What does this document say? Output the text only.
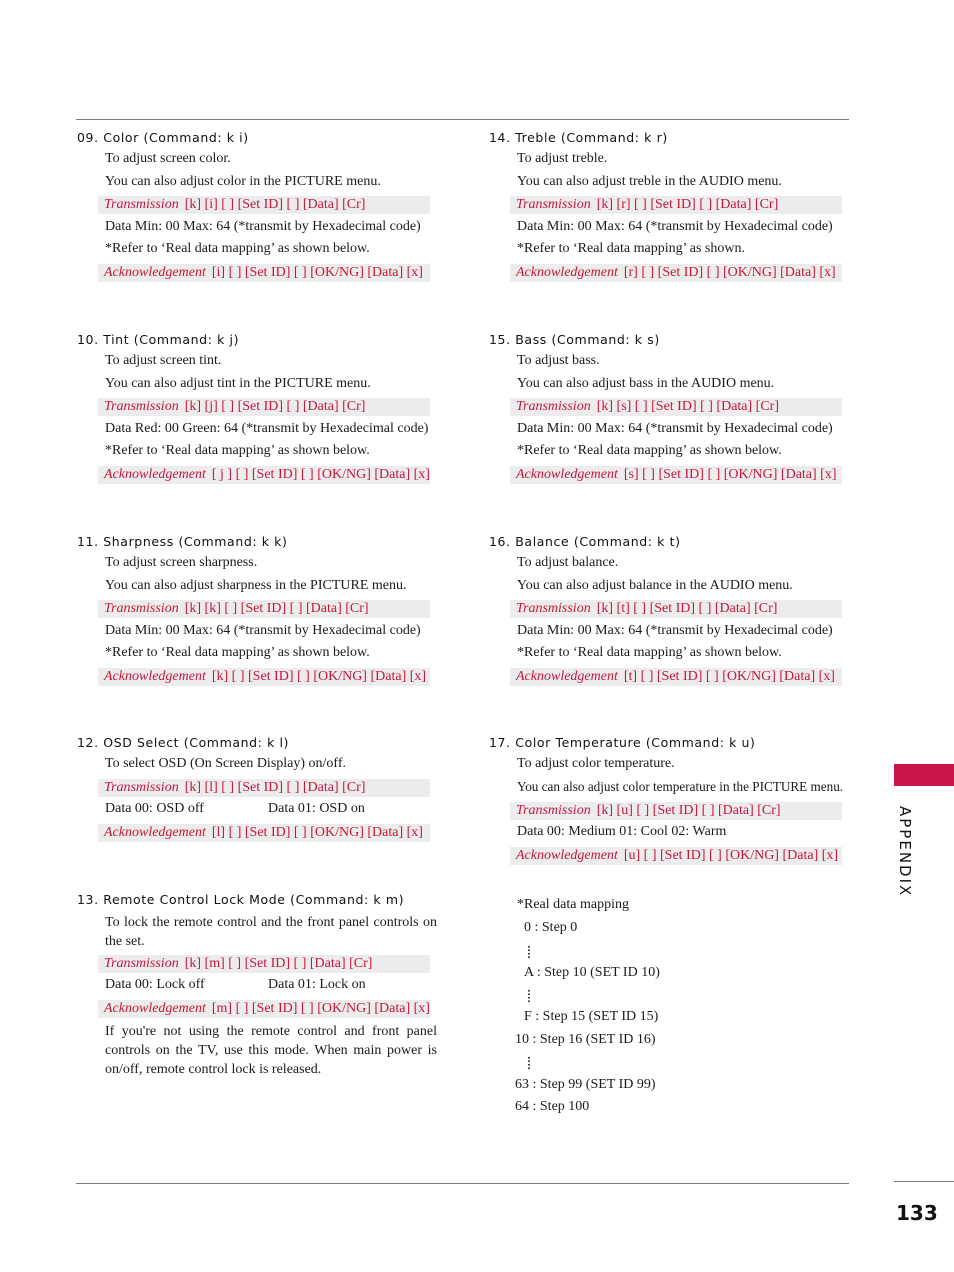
09. Color (Command: k i)
To adjust screen color.
You can also adjust color in the PICTURE menu.
Transmission [k] [i] [ ] [Set ID] [ ] [Data] [Cr]
Data Min: 00 Max: 64 (*transmit by Hexadecimal code)
*Refer to ‘Real data mapping’ as shown below.
Acknowledgement [i] [ ] [Set ID] [ ] [OK/NG] [Data] [x]
10. Tint (Command: k j)
To adjust screen tint.
You can also adjust tint in the PICTURE menu.
Transmission [k] [j] [ ] [Set ID] [ ] [Data] [Cr]
Data Red: 00 Green: 64 (*transmit by Hexadecimal code)
*Refer to ‘Real data mapping’ as shown below.
Acknowledgement [ j ] [ ] [Set ID] [ ] [OK/NG] [Data] [x]
11. Sharpness (Command: k k)
To adjust screen sharpness.
You can also adjust sharpness in the PICTURE menu.
Transmission [k] [k] [ ] [Set ID] [ ] [Data] [Cr]
Data Min: 00 Max: 64 (*transmit by Hexadecimal code)
*Refer to ‘Real data mapping’ as shown below.
Acknowledgement [k] [ ] [Set ID] [ ] [OK/NG] [Data] [x]
12. OSD Select (Command: k l)
To select OSD (On Screen Display) on/off.
Transmission [k] [l] [ ] [Set ID] [ ] [Data] [Cr]
Data 00: OSD off	Data 01: OSD on
Acknowledgement [l] [ ] [Set ID] [ ] [OK/NG] [Data] [x]
13. Remote Control Lock Mode (Command: k m)
To lock the remote control and the front panel controls on the set.
Transmission [k] [m] [ ] [Set ID] [ ] [Data] [Cr]
Data 00: Lock off	Data 01: Lock on
Acknowledgement [m] [ ] [Set ID] [ ] [OK/NG] [Data] [x]
If you're not using the remote control and front panel controls on the TV, use this mode. When main power is on/off, remote control lock is released.
14. Treble (Command: k r)
To adjust treble.
You can also adjust treble in the AUDIO menu.
Transmission [k] [r] [ ] [Set ID] [ ] [Data] [Cr]
Data Min: 00 Max: 64 (*transmit by Hexadecimal code)
*Refer to ‘Real data mapping’ as shown.
Acknowledgement [r] [ ] [Set ID] [ ] [OK/NG] [Data] [x]
15. Bass (Command: k s)
To adjust bass.
You can also adjust bass in the AUDIO menu.
Transmission [k] [s] [ ] [Set ID] [ ] [Data] [Cr]
Data Min: 00 Max: 64 (*transmit by Hexadecimal code)
*Refer to ‘Real data mapping’ as shown below.
Acknowledgement [s] [ ] [Set ID] [ ] [OK/NG] [Data] [x]
16. Balance (Command: k t)
To adjust balance.
You can also adjust balance in the AUDIO menu.
Transmission [k] [t] [ ] [Set ID] [ ] [Data] [Cr]
Data Min: 00 Max: 64 (*transmit by Hexadecimal code)
*Refer to ‘Real data mapping’ as shown below.
Acknowledgement [t] [ ] [Set ID] [ ] [OK/NG] [Data] [x]
17. Color Temperature (Command: k u)
To adjust color temperature.
You can also adjust color temperature in the PICTURE menu.
Transmission [k] [u] [ ] [Set ID] [ ] [Data] [Cr]
Data 00: Medium 01: Cool 02: Warm
Acknowledgement [u] [ ] [Set ID] [ ] [OK/NG] [Data] [x]
*Real data mapping
0 : Step 0
A : Step 10 (SET ID 10)
F : Step 15 (SET ID 15)
10 : Step 16 (SET ID 16)
63 : Step 99 (SET ID 99)
64 : Step 100
APPENDIX
133
